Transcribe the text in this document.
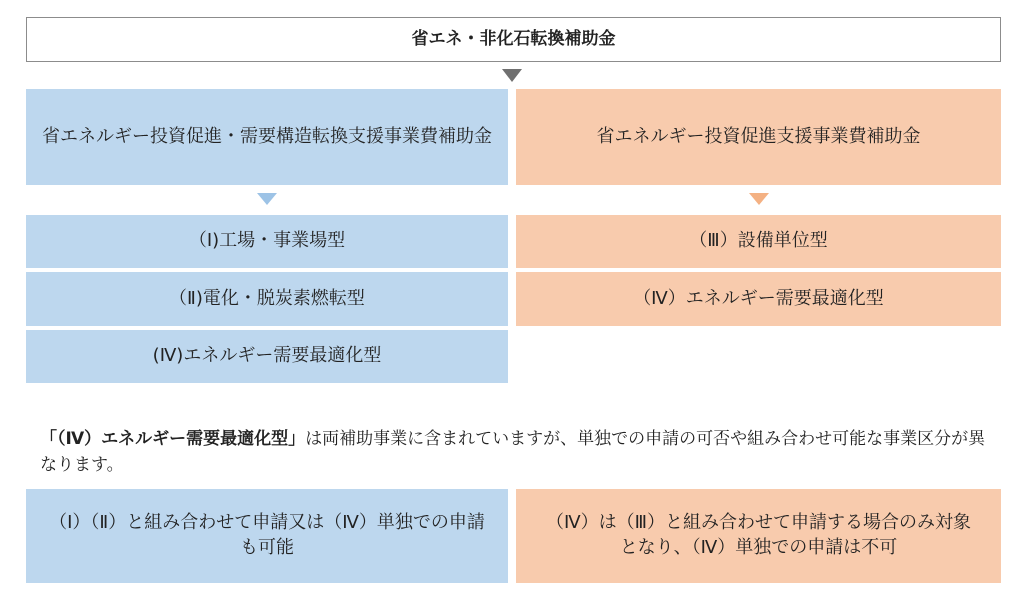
省エネ・非化石転換補助金
省エネルギー投資促進・需要構造転換支援事業費補助金	省エネルギー投資促進支援事業費補助金
（Ⅰ)工場・事業場型
（Ⅱ)電化・脱炭素燃転型
(Ⅳ)エネルギー需要最適化型
（Ⅲ）設備単位型
（Ⅳ）エネルギー需要最適化型

「（Ⅳ）エネルギー需要最適化型」は両補助事業に含まれていますが、単独での申請の可否や組み合わせ可能な事業区分が異なります。

（Ⅰ）（Ⅱ）と組み合わせて申請又は（Ⅳ）単独での申請も可能
（Ⅳ）は（Ⅲ）と組み合わせて申請する場合のみ対象となり、（Ⅳ）単独での申請は不可
